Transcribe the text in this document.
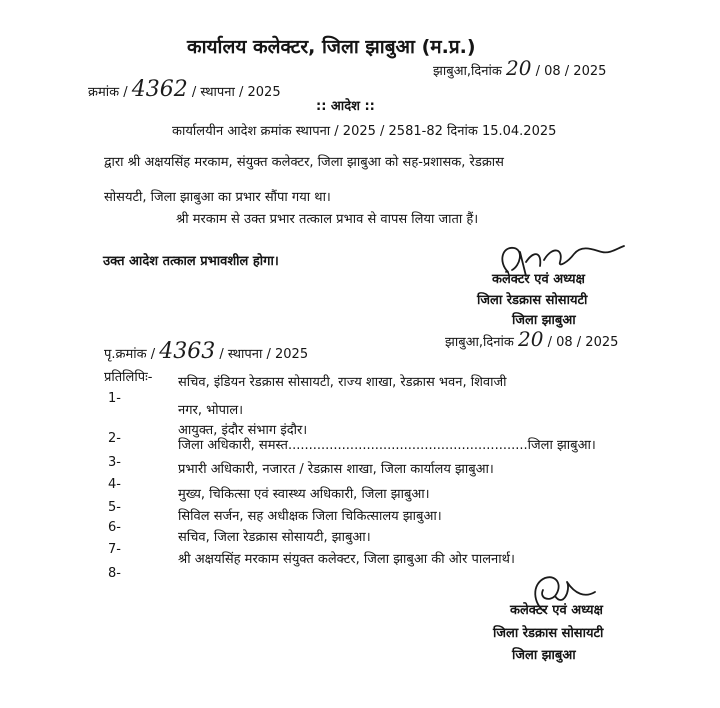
कार्यालय कलेक्टर, जिला झाबुआ (म.प्र.)
झाबुआ,दिनांक 20 / 08 / 2025
क्रमांक / 4362 / स्थापना / 2025
:: आदेश ::
कार्यालयीन आदेश क्रमांक स्थापना / 2025 / 2581-82 दिनांक 15.04.2025
द्वारा श्री अक्षयसिंह मरकाम, संयुक्त कलेक्टर, जिला झाबुआ को सह-प्रशासक, रेडक्रास
सोसयटी, जिला झाबुआ का प्रभार सौंपा गया था।
श्री मरकाम से उक्त प्रभार तत्काल प्रभाव से वापस लिया जाता हैं।
उक्त आदेश तत्काल प्रभावशील होगा।
कलेक्टर एवं अध्यक्ष
जिला रेडक्रास सोसायटी
जिला झाबुआ
झाबुआ,दिनांक 20 / 08 / 2025
पृ.क्रमांक / 4363 / स्थापना / 2025
प्रतिलिपिः-
1-
सचिव, इंडियन रेडक्रास सोसायटी, राज्य शाखा, रेडक्रास भवन, शिवाजी
नगर, भोपाल।
2-
आयुक्त, इंदौर संभाग इंदौर।
3-
जिला अधिकारी, समस्त..........................................................जिला झाबुआ।
4-
प्रभारी अधिकारी, नजारत / रेडक्रास शाखा, जिला कार्यालय झाबुआ।
5-
मुख्य, चिकित्सा एवं स्वास्थ्य अधिकारी, जिला झाबुआ।
6-
सिविल सर्जन, सह अधीक्षक जिला चिकित्सालय झाबुआ।
7-
सचिव, जिला रेडक्रास सोसायटी, झाबुआ।
8-
श्री अक्षयसिंह मरकाम संयुक्त कलेक्टर, जिला झाबुआ की ओर पालनार्थ।
कलेक्टर एवं अध्यक्ष
जिला रेडक्रास सोसायटी
जिला झाबुआ
